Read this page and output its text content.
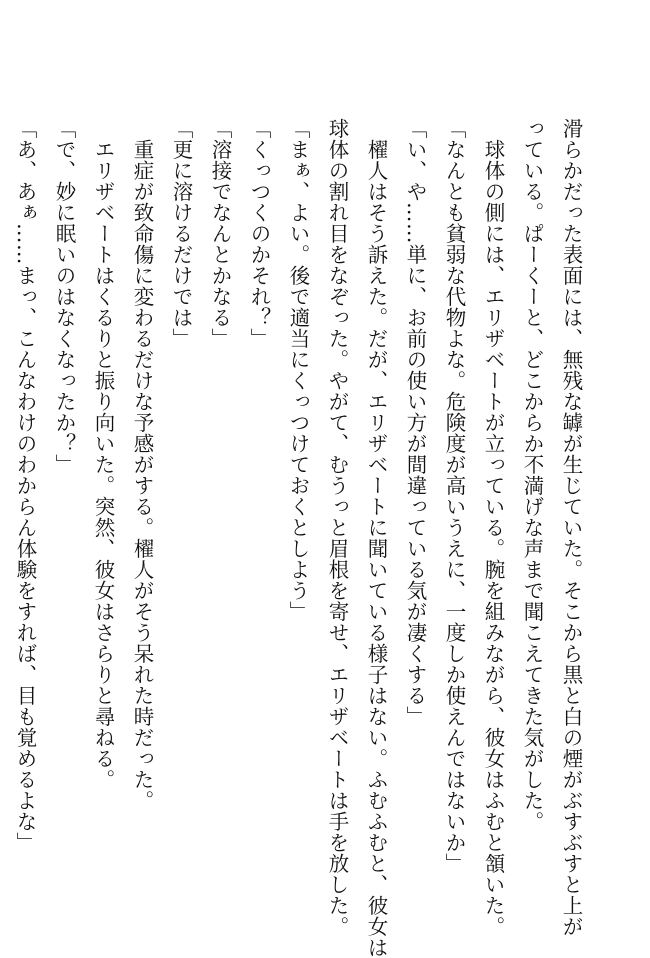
滑らかだった表面には、無残な罅が生じていた。そこから黒と白の煙がぶすぶすと上が
っている。ぱーくーと、どこからか不満げな声まで聞こえてきた気がした。
　球体の側には、エリザベートが立っている。腕を組みながら、彼女はふむと頷いた。
「なんとも貧弱な代物よな。危険度が高いうえに、一度しか使えんではないか」
「い、や……単に、お前の使い方が間違っている気が凄くする」
　櫂人はそう訴えた。だが、エリザベートに聞いている様子はない。ふむふむと、彼女は
球体の割れ目をなぞった。やがて、むうっと眉根を寄せ、エリザベートは手を放した。
「まぁ、よい。後で適当にくっつけておくとしよう」
「くっつくのかそれ？」
「溶接でなんとかなる」
「更に溶けるだけでは」
　重症が致命傷に変わるだけな予感がする。櫂人がそう呆れた時だった。
　エリザベートはくるりと振り向いた。突然、彼女はさらりと尋ねる。
「で、妙に眠いのはなくなったか？」
「あ、あぁ……まっ、こんなわけのわからん体験をすれば、目も覚めるよな」
